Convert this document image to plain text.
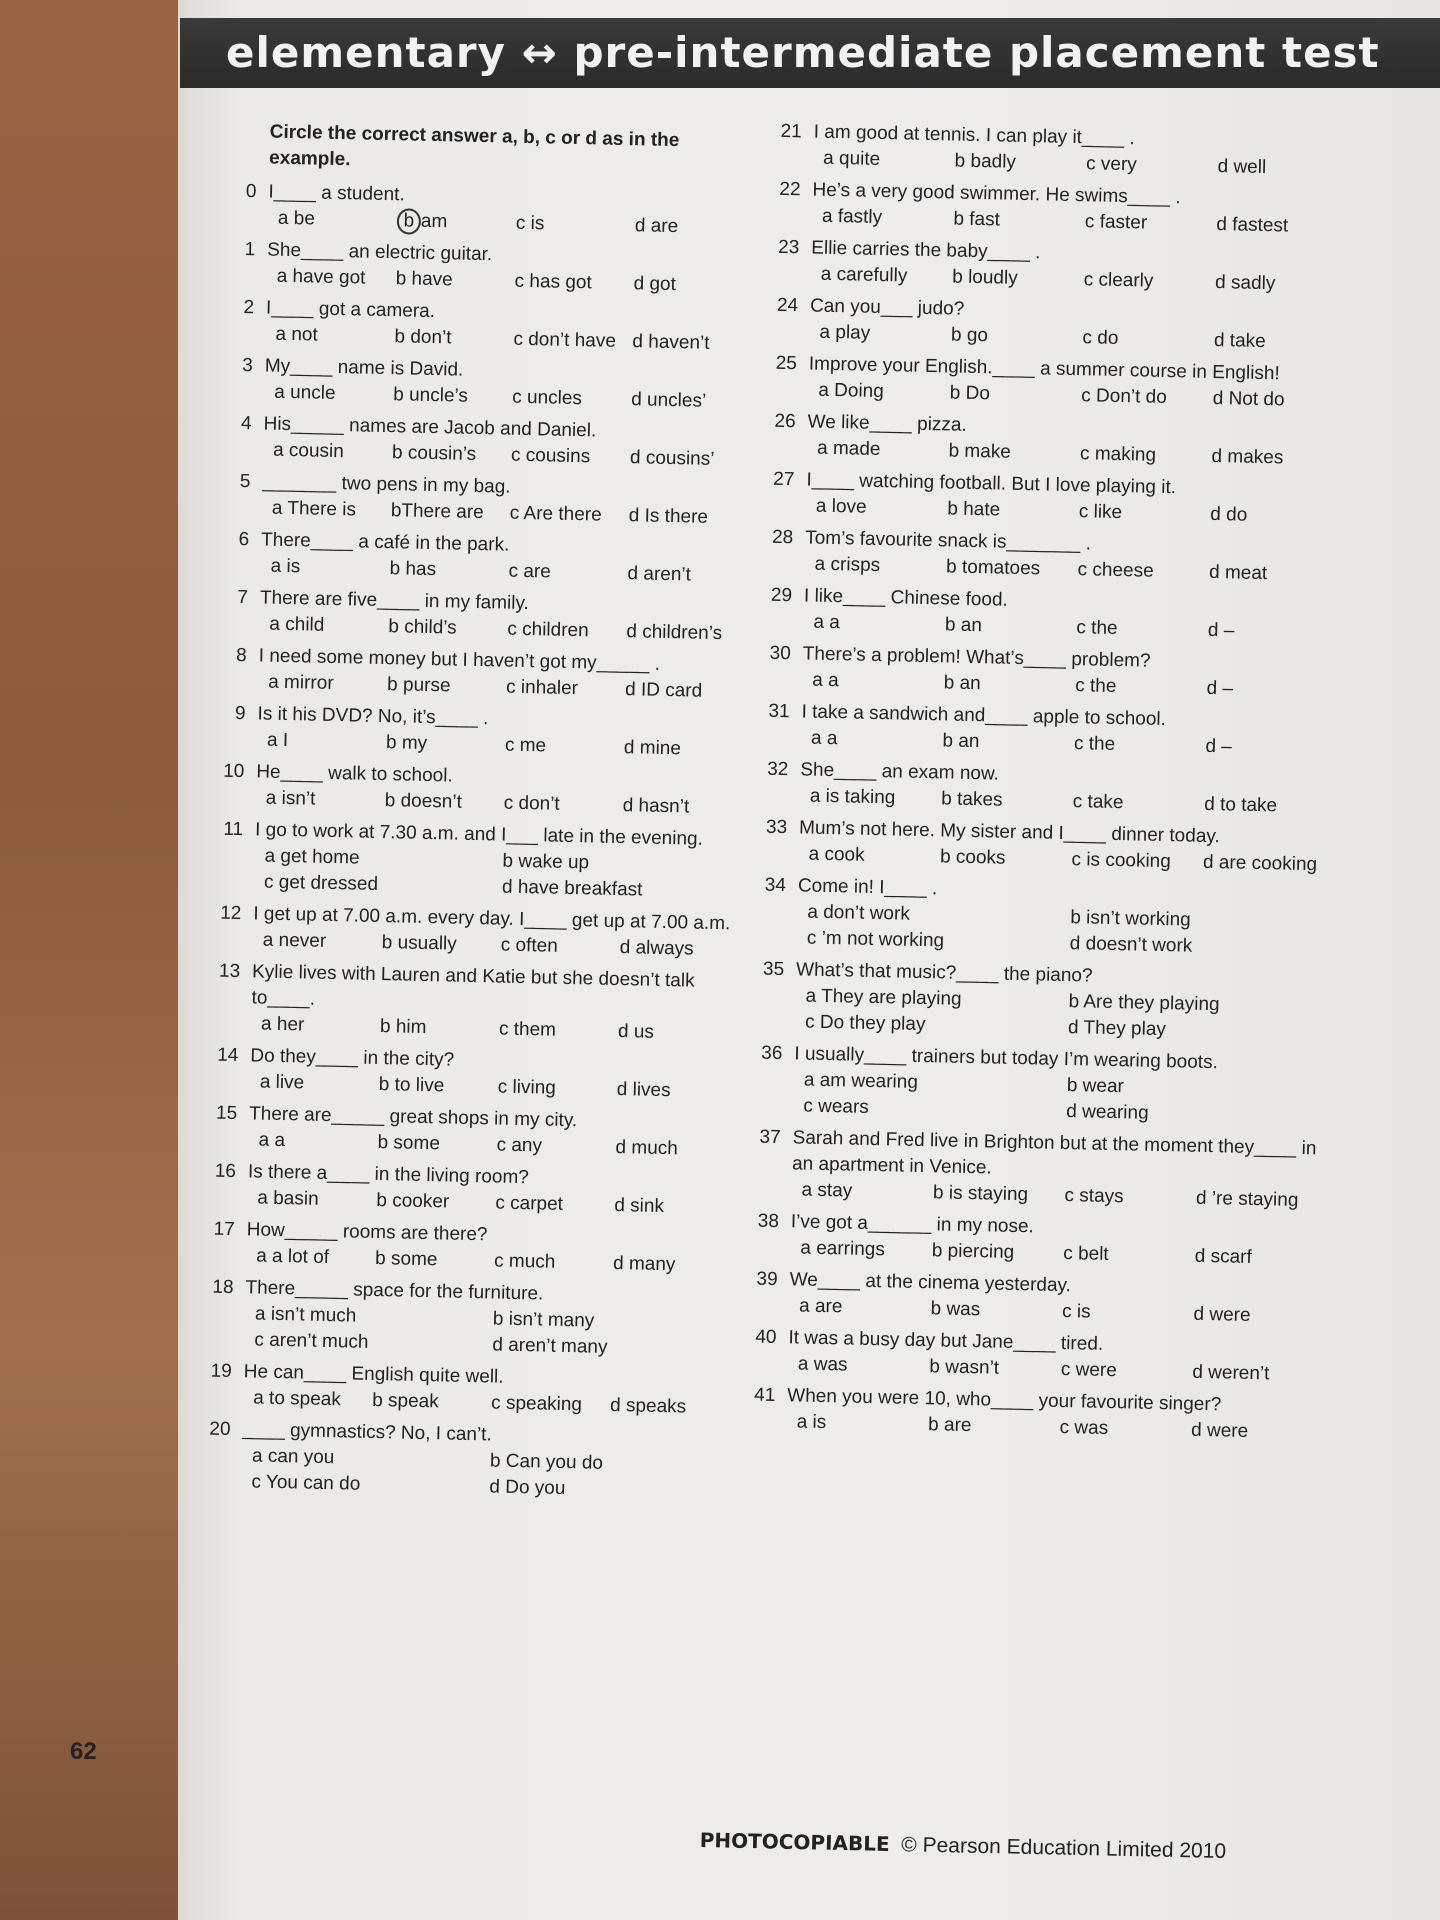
elementary ↔ pre-intermediate placement test
Circle the correct answer a, b, c or d as in the example.
0 I____ a student.
a be	b am	c is	d are
1 She____ an electric guitar.
a have got	b have	c has got	d got
2 I____ got a camera.
a not	b don’t	c don’t have d haven’t
3 My____ name is David.
a uncle	b uncle’s	c uncles	d uncles’
4 His_____ names are Jacob and Daniel.
a cousin	b cousin’s	c cousins	d cousins’
5 _______ two pens in my bag.
a There is	bThere are	c Are there	d Is there
6 There____ a café in the park.
a is	b has	c are	d aren’t
7 There are five____ in my family.
a child	b child’s	c children	d children’s
8 I need some money but I haven’t got my_____ .
a mirror	b purse	c inhaler	d ID card
9 Is it his DVD? No, it’s____ .
a I	b my	c me	d mine
10 He____ walk to school.
a isn’t	b doesn’t	c don’t	d hasn’t
11 I go to work at 7.30 a.m. and I___ late in the evening.
a get home	b wake up
c get dressed	d have breakfast
12 I get up at 7.00 a.m. every day. I____ get up at 7.00 a.m.
a never	b usually	c often	d always
13 Kylie lives with Lauren and Katie but she doesn’t talk to____.
a her	b him	c them	d us
14 Do they____ in the city?
a live	b to live	c living	d lives
15 There are_____ great shops in my city.
a a	b some	c any	d much
16 Is there a____ in the living room?
a basin	b cooker	c carpet	d sink
17 How_____ rooms are there?
a a lot of	b some	c much	d many
18 There_____ space for the furniture.
a isn’t much	b isn’t many
c aren’t much	d aren’t many
19 He can____ English quite well.
a to speak	b speak	c speaking	d speaks
20 ____ gymnastics? No, I can’t.
a can you	b Can you do
c You can do	d Do you
21 I am good at tennis. I can play it____ .
a quite	b badly	c very	d well
22 He’s a very good swimmer. He swims____ .
a fastly	b fast	c faster	d fastest
23 Ellie carries the baby____ .
a carefully	b loudly	c clearly	d sadly
24 Can you___ judo?
a play	b go	c do	d take
25 Improve your English.____ a summer course in English!
a Doing	b Do	c Don’t do	d Not do
26 We like____ pizza.
a made	b make	c making	d makes
27 I____ watching football. But I love playing it.
a love	b hate	c like	d do
28 Tom’s favourite snack is_______ .
a crisps	b tomatoes	c cheese	d meat
29 I like____ Chinese food.
a a	b an	c the	d –
30 There’s a problem! What’s____ problem?
a a	b an	c the	d –
31 I take a sandwich and____ apple to school.
a a	b an	c the	d –
32 She____ an exam now.
a is taking	b takes	c take	d to take
33 Mum’s not here. My sister and I____ dinner today.
a cook	b cooks	c is cooking	d are cooking
34 Come in! I____ .
a don’t work	b isn’t working
c ’m not working	d doesn’t work
35 What’s that music?____ the piano?
a They are playing	b Are they playing
c Do they play	d They play
36 I usually____ trainers but today I’m wearing boots.
a am wearing	b wear
c wears	d wearing
37 Sarah and Fred live in Brighton but at the moment they____ in an apartment in Venice.
a stay	b is staying	c stays	d ’re staying
38 I’ve got a______ in my nose.
a earrings	b piercing	c belt	d scarf
39 We____ at the cinema yesterday.
a are	b was	c is	d were
40 It was a busy day but Jane____ tired.
a was	b wasn’t	c were	d weren’t
41 When you were 10, who____ your favourite singer?
a is	b are	c was	d were
62
PHOTOCOPIABLE © Pearson Education Limited 2010
